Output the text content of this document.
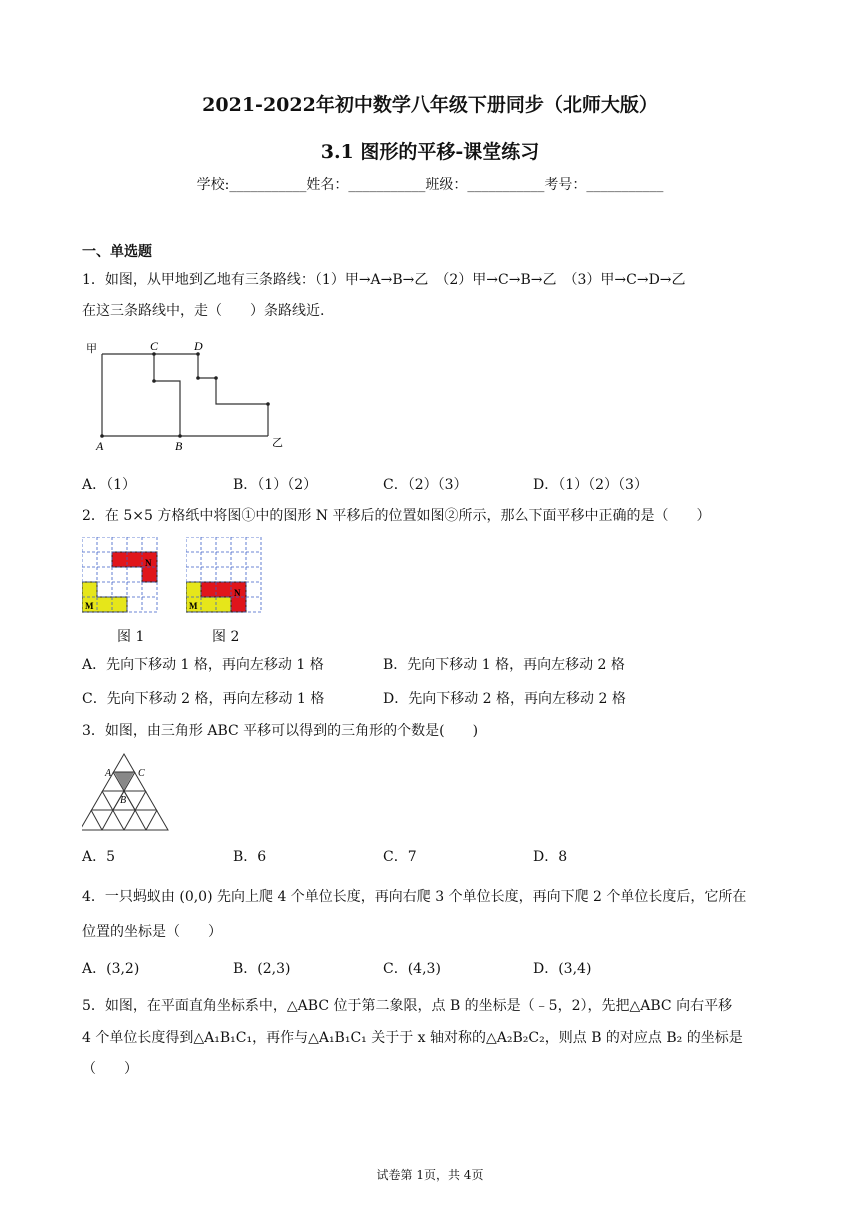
2021-2022年初中数学八年级下册同步（北师大版）
3.1 图形的平移-课堂练习
学校:___________姓名：___________班级：___________考号：___________
一、单选题
1．如图，从甲地到乙地有三条路线：（1）甲→A→B→乙　（2）甲→C→B→乙　（3）甲→C→D→乙
在这三条路线中，走（　　）条路线近.
甲	C	D
A	B	乙
A．（1）	B．（1）（2）	C．（2）（3）	D．（1）（2）（3）
2．在 5×5 方格纸中将图①中的图形 N 平移后的位置如图②所示，那么下面平移中正确的是（　　）
N
M
图 1
N
M
图 2
A．先向下移动 1 格，再向左移动 1 格	B．先向下移动 1 格，再向左移动 2 格
C．先向下移动 2 格，再向左移动 1 格	D．先向下移动 2 格，再向左移动 2 格
3．如图，由三角形 ABC 平移可以得到的三角形的个数是(　　)
A	C
B
A．5	B．6	C．7	D．8
4．一只蚂蚁由 (0,0) 先向上爬 4 个单位长度，再向右爬 3 个单位长度，再向下爬 2 个单位长度后，它所在
位置的坐标是（　　）
A．(3,2)	B．(2,3)	C．(4,3)	D．(3,4)
5．如图，在平面直角坐标系中，△ABC 位于第二象限，点 B 的坐标是（﹣5，2），先把△ABC 向右平移
4 个单位长度得到△A₁B₁C₁，再作与△A₁B₁C₁ 关于于 x 轴对称的△A₂B₂C₂，则点 B 的对应点 B₂ 的坐标是
（　　）
试卷第 1页，共 4页
